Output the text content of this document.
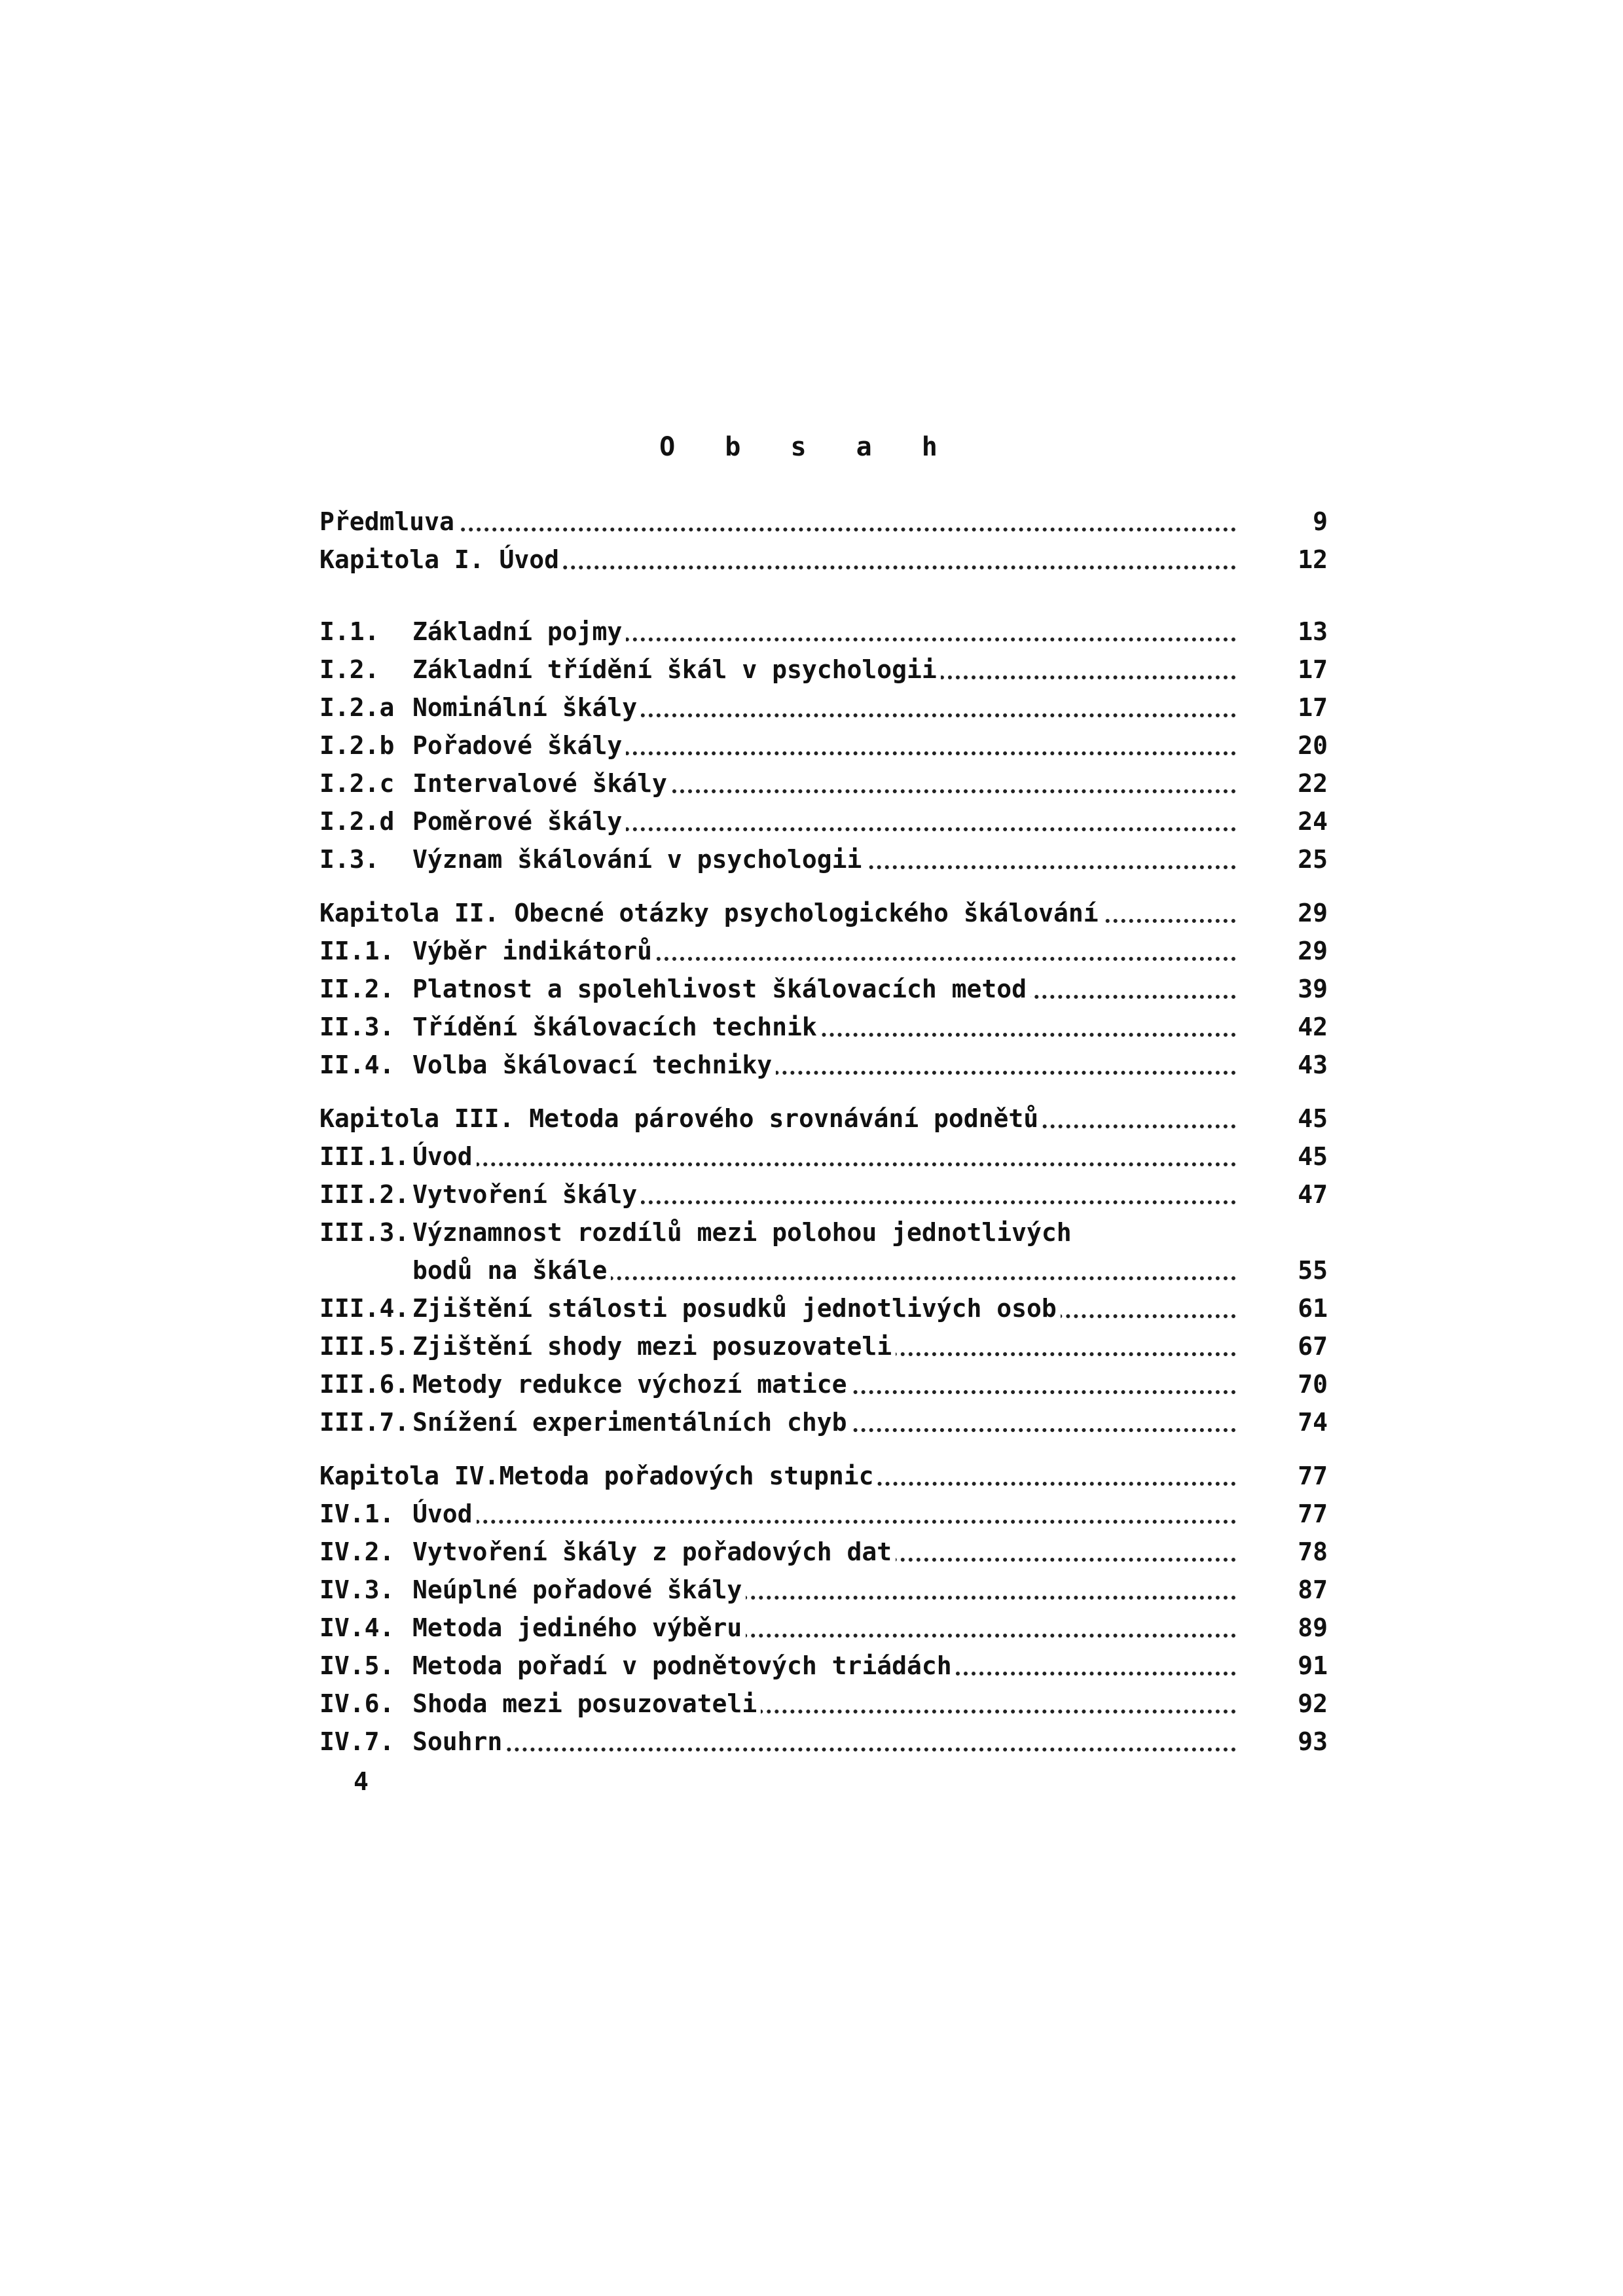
O b s a h
Předmluva	9
Kapitola I. Úvod	12
I.1. Základní pojmy	13
I.2. Základní třídění škál v psychologii	17
I.2.a Nominální škály	17
I.2.b Pořadové škály	20
I.2.c Intervalové škály	22
I.2.d Poměrové škály	24
I.3. Význam škálování v psychologii	25
Kapitola II. Obecné otázky psychologického škálování	29
II.1. Výběr indikátorů	29
II.2. Platnost a spolehlivost škálovacích metod	39
II.3. Třídění škálovacích technik	42
II.4. Volba škálovací techniky	43
Kapitola III. Metoda párového srovnávání podnětů	45
III.1. Úvod	45
III.2. Vytvoření škály	47
III.3. Významnost rozdílů mezi polohou jednotlivých
bodů na škále	55
III.4. Zjištění stálosti posudků jednotlivých osob	61
III.5. Zjištění shody mezi posuzovateli	67
III.6. Metody redukce výchozí matice	70
III.7. Snížení experimentálních chyb	74
Kapitola IV.Metoda pořadových stupnic	77
IV.1. Úvod	77
IV.2. Vytvoření škály z pořadových dat	78
IV.3. Neúplné pořadové škály	87
IV.4. Metoda jediného výběru	89
IV.5. Metoda pořadí v podnětových triádách	91
IV.6. Shoda mezi posuzovateli	92
IV.7. Souhrn	93
4
